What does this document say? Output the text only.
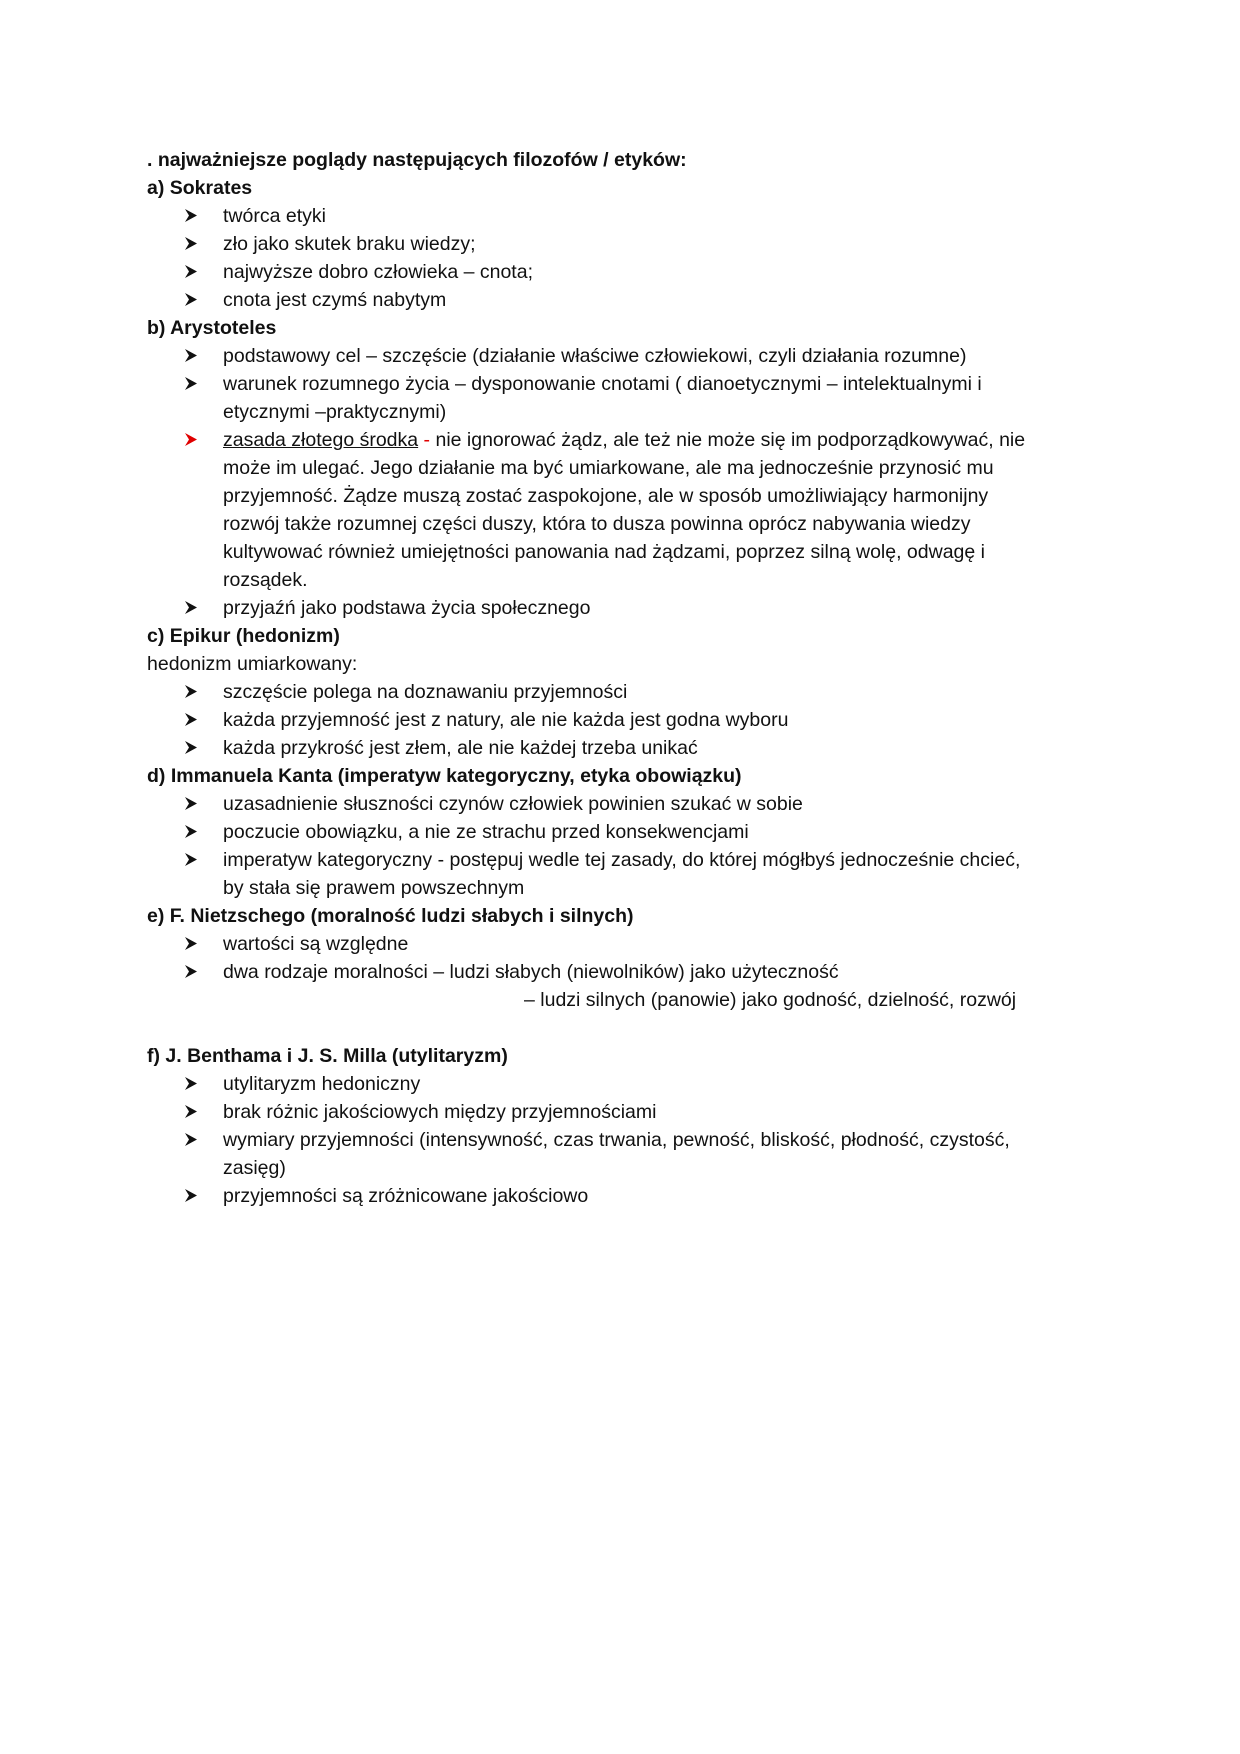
. najważniejsze poglądy następujących filozofów / etyków:
a) Sokrates
twórca etyki
zło jako skutek braku wiedzy;
najwyższe dobro człowieka – cnota;
cnota jest czymś nabytym
b) Arystoteles
podstawowy cel – szczęście (działanie właściwe człowiekowi, czyli działania rozumne)
warunek rozumnego życia – dysponowanie cnotami ( dianoetycznymi – intelektualnymi i
etycznymi –praktycznymi)
zasada złotego środka - nie ignorować żądz, ale też nie może się im podporządkowywać, nie
może im ulegać. Jego działanie ma być umiarkowane, ale ma jednocześnie przynosić mu
przyjemność. Żądze muszą zostać zaspokojone, ale w sposób umożliwiający harmonijny
rozwój także rozumnej części duszy, która to dusza powinna oprócz nabywania wiedzy
kultywować również umiejętności panowania nad żądzami, poprzez silną wolę, odwagę i
rozsądek.
przyjaźń jako podstawa życia społecznego
c) Epikur (hedonizm)
hedonizm umiarkowany:
szczęście polega na doznawaniu przyjemności
każda przyjemność jest z natury, ale nie każda jest godna wyboru
każda przykrość jest złem, ale nie każdej trzeba unikać
d) Immanuela Kanta (imperatyw kategoryczny, etyka obowiązku)
uzasadnienie słuszności czynów człowiek powinien szukać w sobie
poczucie obowiązku, a nie ze strachu przed konsekwencjami
imperatyw kategoryczny - postępuj wedle tej zasady, do której mógłbyś jednocześnie chcieć,
by stała się prawem powszechnym
e) F. Nietzschego (moralność ludzi słabych i silnych)
wartości są względne
dwa rodzaje moralności – ludzi słabych (niewolników) jako użyteczność
– ludzi silnych (panowie) jako godność, dzielność, rozwój
f) J. Benthama i J. S. Milla (utylitaryzm)
utylitaryzm hedoniczny
brak różnic jakościowych między przyjemnościami
wymiary przyjemności (intensywność, czas trwania, pewność, bliskość, płodność, czystość,
zasięg)
przyjemności są zróżnicowane jakościowo
